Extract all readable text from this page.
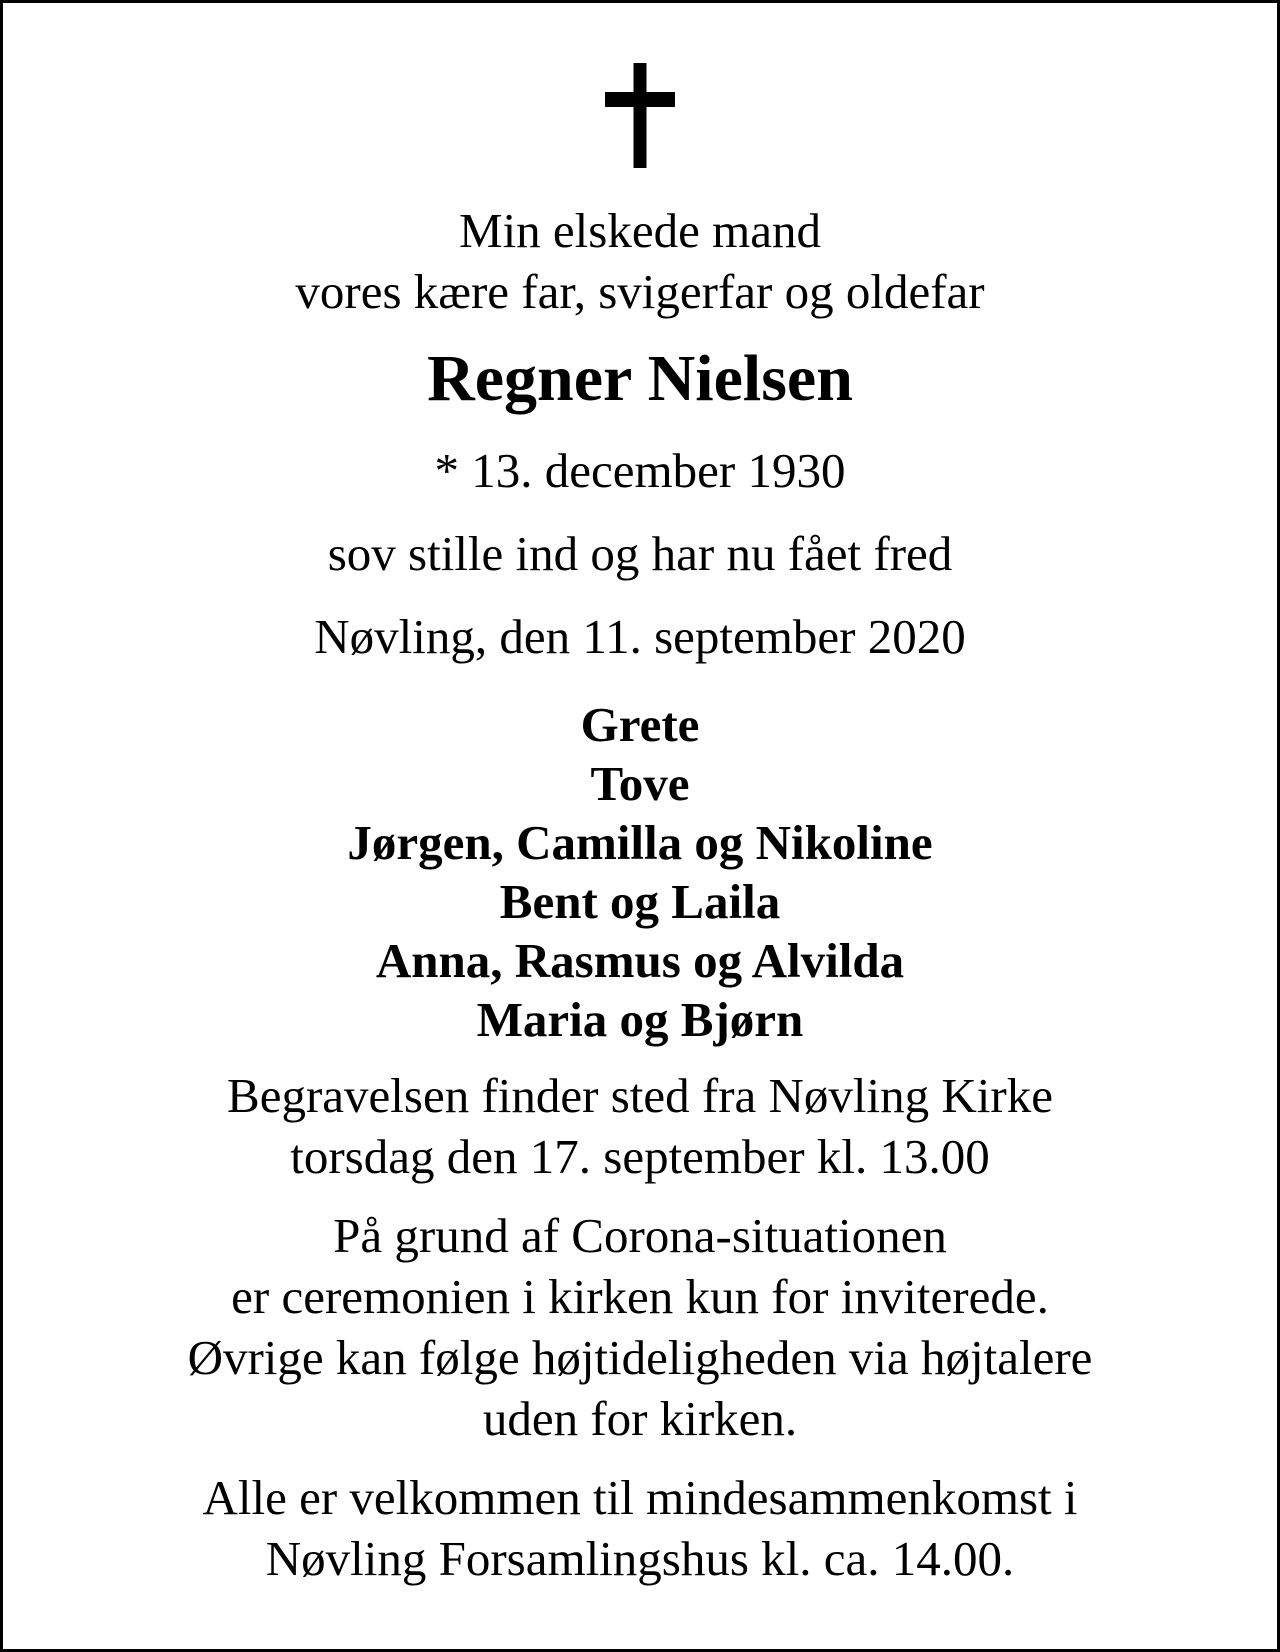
Min elskede mand
vores kære far, svigerfar og oldefar
Regner Nielsen
* 13. december 1930
sov stille ind og har nu fået fred
Nøvling, den 11. september 2020
Grete
Tove
Jørgen, Camilla og Nikoline
Bent og Laila
Anna, Rasmus og Alvilda
Maria og Bjørn
Begravelsen finder sted fra Nøvling Kirke
torsdag den 17. september kl. 13.00
På grund af Corona-situationen
er ceremonien i kirken kun for inviterede.
Øvrige kan følge højtideligheden via højtalere
uden for kirken.
Alle er velkommen til mindesammenkomst i
Nøvling Forsamlingshus kl. ca. 14.00.
